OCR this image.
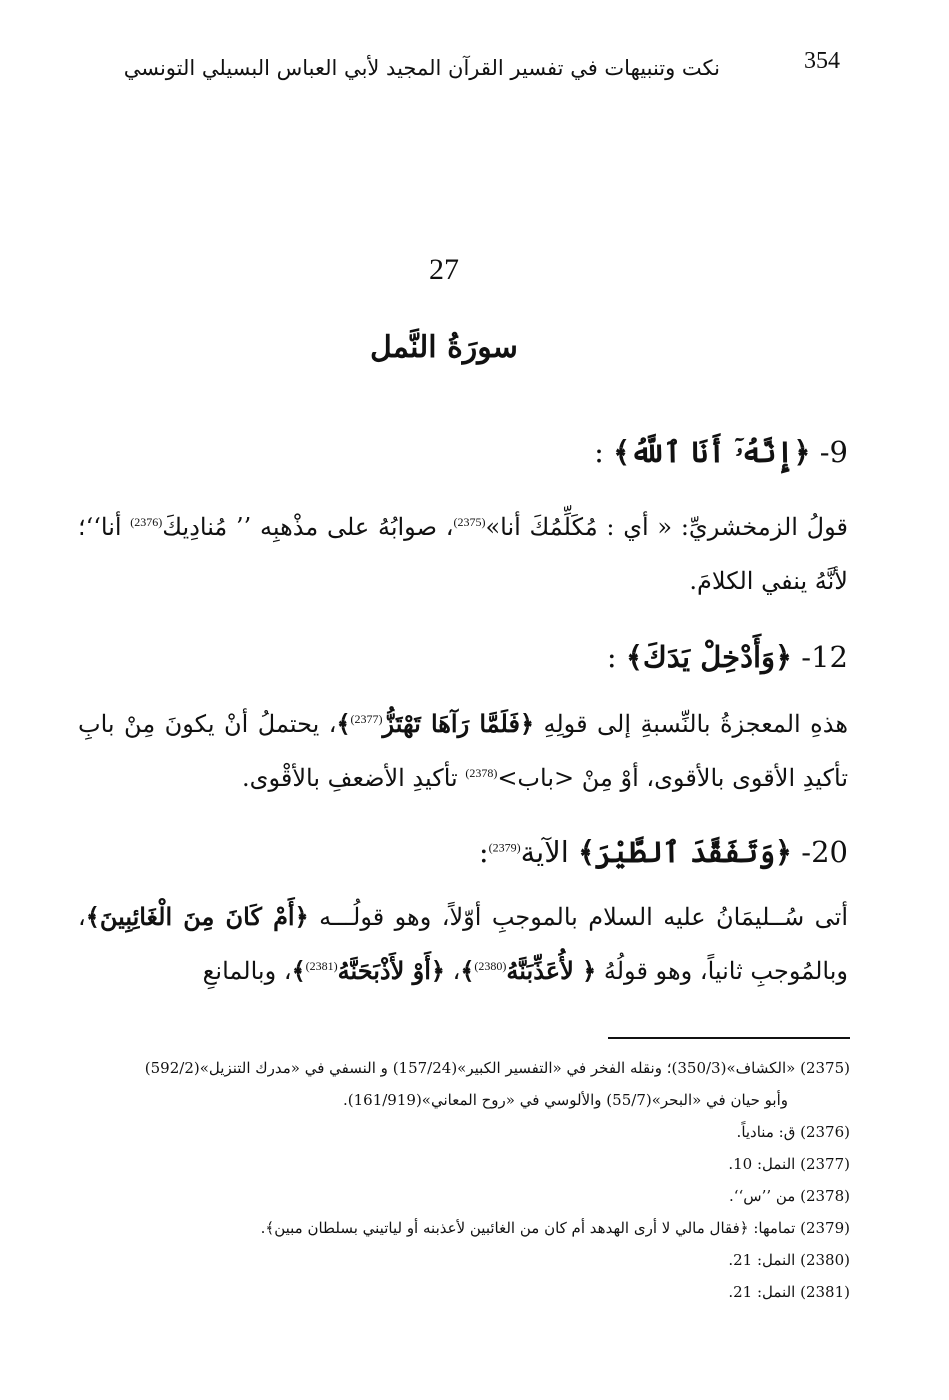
354
نكت وتنبيهات في تفسير القرآن المجيد لأبي العباس البسيلي التونسي
27
سورَةُ النَّمل
9- ﴿إِنَّهُۥٓ أَنَا ٱللَّهُ﴾ :
قولُ الزمخشريِّ: « أي : مُكَلِّمُكَ أنا»$^{(2375)}$، صوابُهُ على مذْهبِه ’’ مُنادِيكَ$^{(2376)}$ أنا‘‘؛ لأنَّهُ ينفي الكلامَ.
12- ﴿وَأَدْخِلْ يَدَكَ﴾ :
هذهِ المعجزةُ بالنِّسبةِ إلى قولِهِ ﴿فَلَمَّا رَآهَا تَهْتَزُّ$^{(2377)}$﴾، يحتملُ أنْ يكونَ مِنْ بابِ تأكيدِ الأقوى بالأقوى، أوْ مِنْ <باب>$^{(2378)}$ تأكيدِ الأضعفِ بالأقْوى.
20- ﴿وَتَفَقَّدَ ٱلطَّيْرَ﴾ الآية$^{(2379)}$:
أتى سُــليمَانُ عليه السلام بالموجبِ أوّلاً، وهو قولُـــه ﴿أَمْ كَانَ مِنَ الْغَائِبِينَ﴾، وبالمُوجبِ ثانياً، وهو قولُهُ ﴿ لأُعَذِّبَنَّهُ$^{(2380)}$﴾، ﴿أَوْ لأَذْبَحَنَّهُ$^{(2381)}$﴾، وبالمانعِ
(2375) «الكشاف»(350/3)؛ ونقله الفخر في «التفسير الكبير»(157/24) و النسفي في «مدرك التنزيل»(592/2)
وأبو حيان في «البحر»(55/7) والألوسي في «روح المعاني»(161/919).
(2376) ق: منادياً.
(2377) النمل: 10.
(2378) من ’’س‘‘.
(2379) تمامها: ﴿فقال مالي لا أرى الهدهد أم كان من الغائبين لأعذبنه أو لياتيني بسلطان مبين﴾.
(2380) النمل: 21.
(2381) النمل: 21.
